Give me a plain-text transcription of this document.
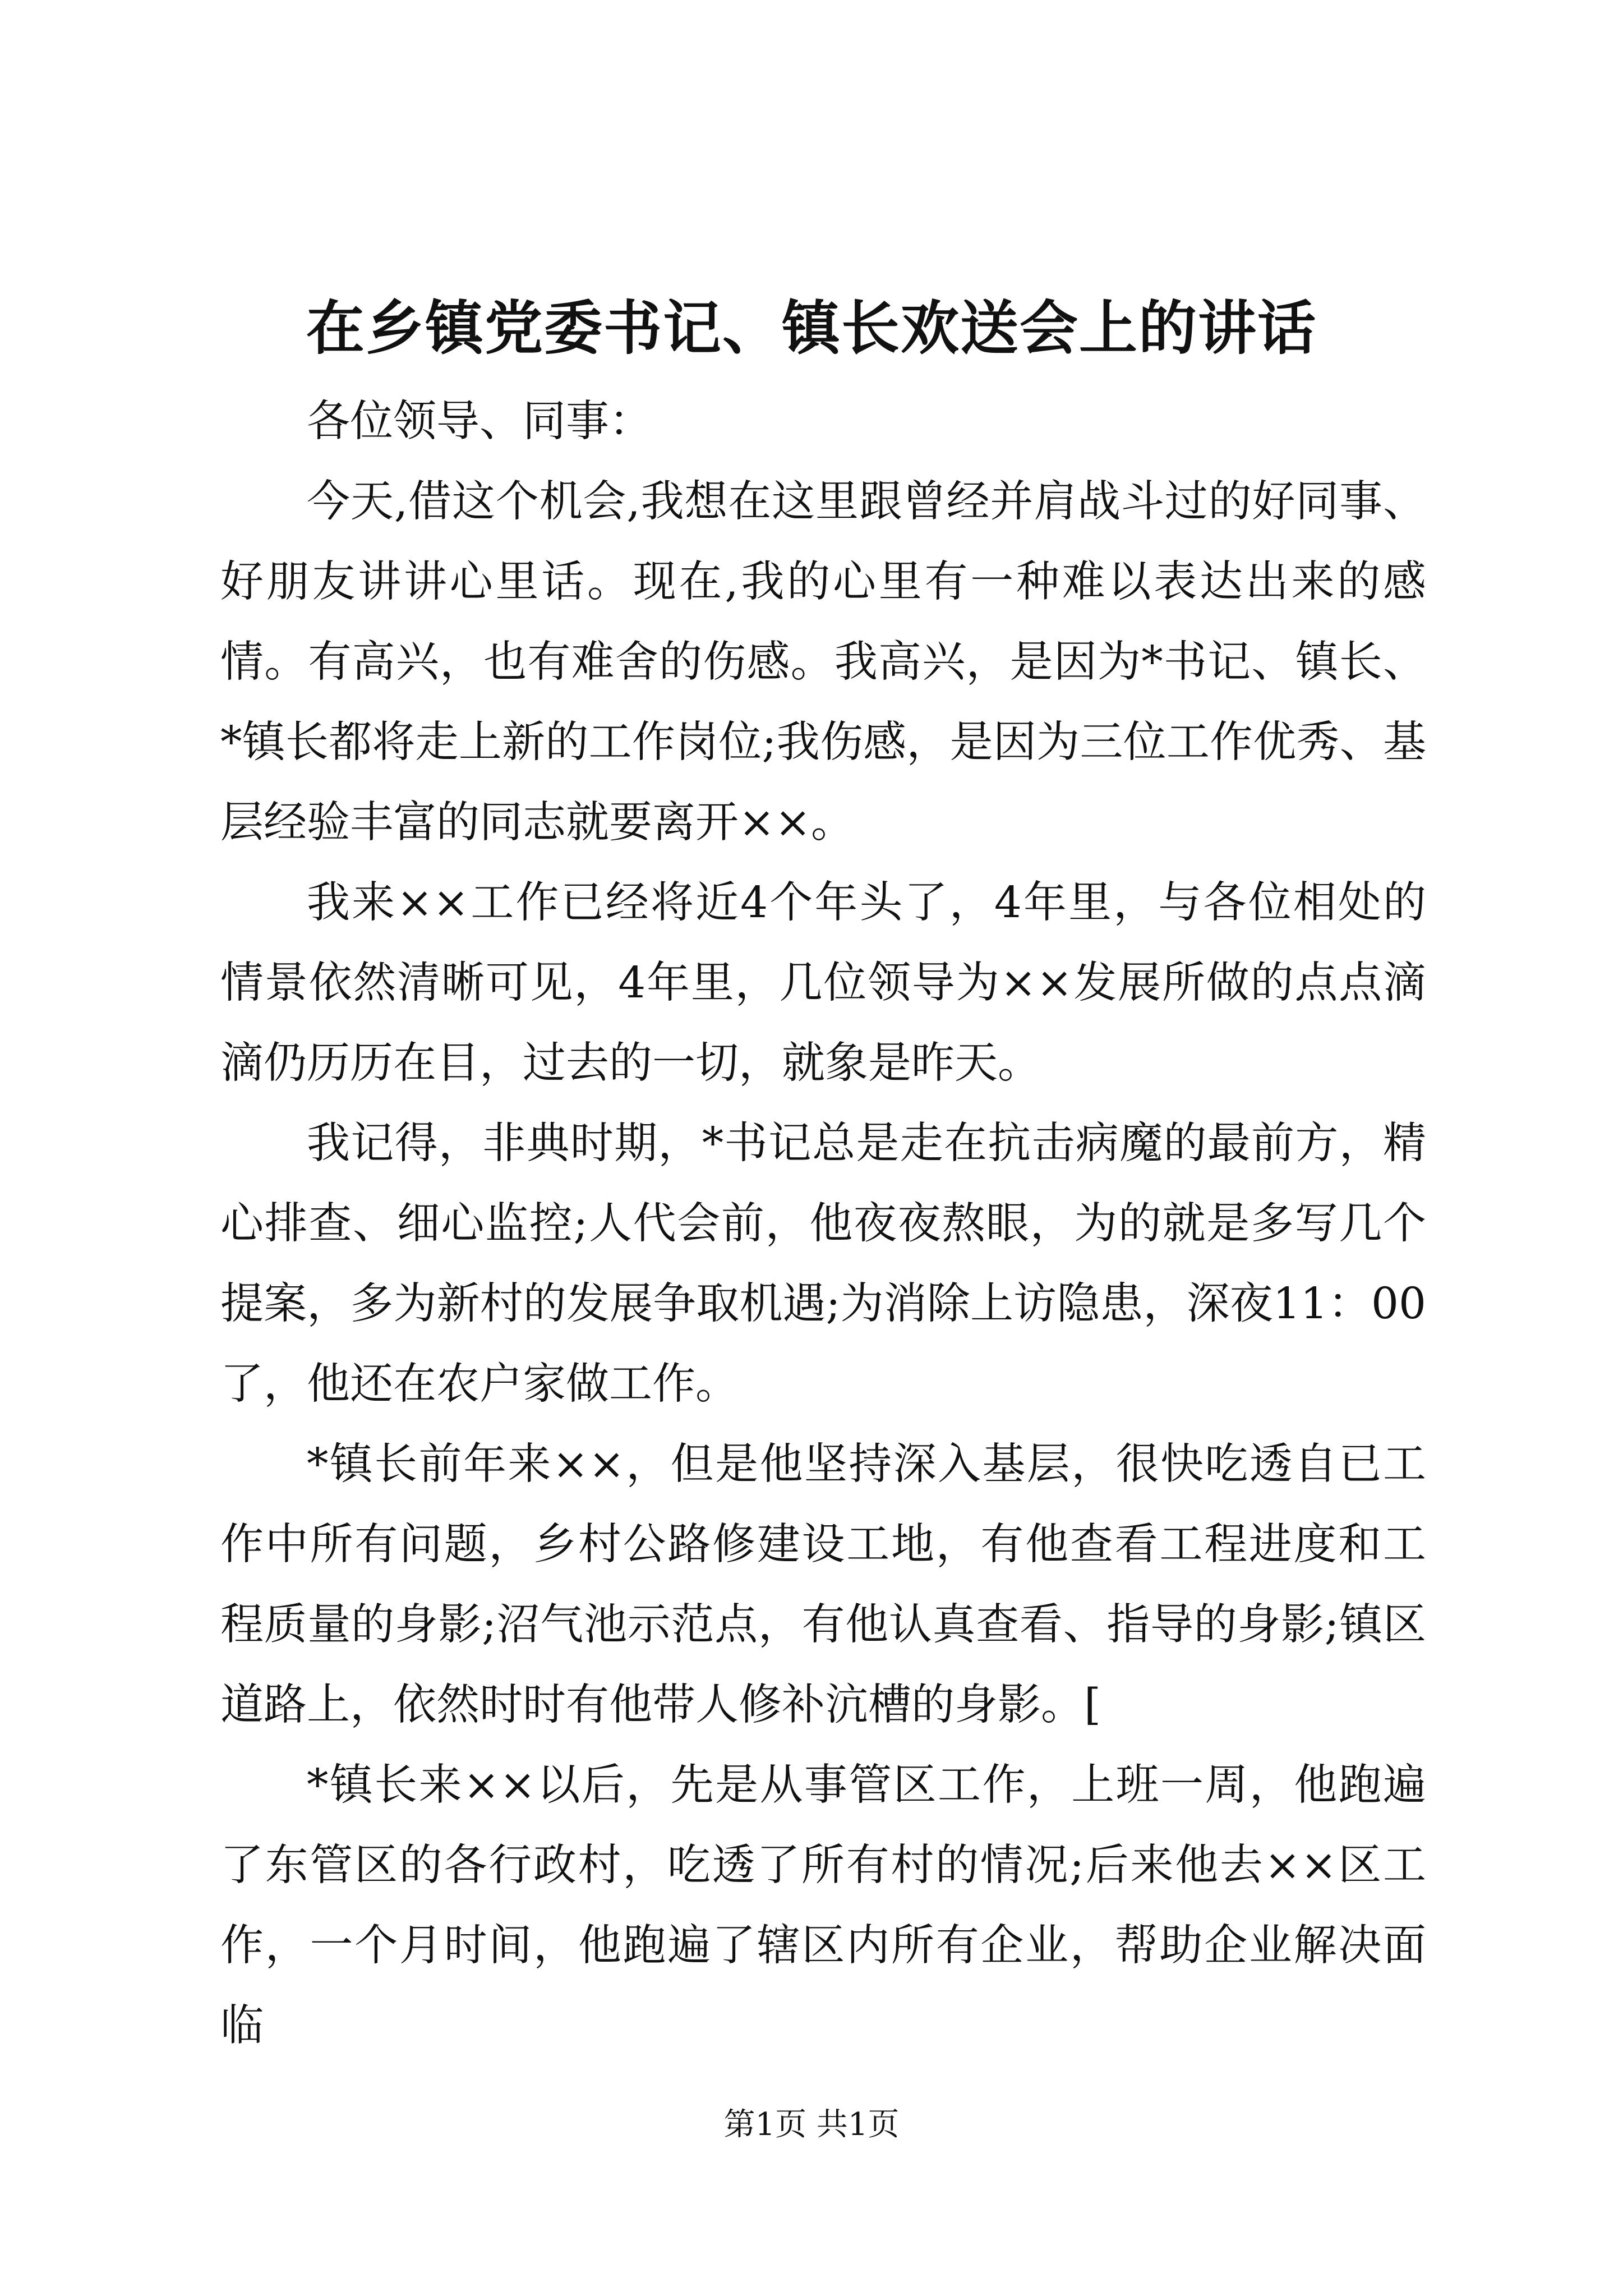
在乡镇党委书记、镇长欢送会上的讲话

各位领导、同事：

今天,借这个机会,我想在这里跟曾经并肩战斗过的好同事、好朋友讲讲心里话。现在,我的心里有一种难以表达出来的感情。有高兴，也有难舍的伤感。我高兴，是因为*书记、镇长、*镇长都将走上新的工作岗位;我伤感，是因为三位工作优秀、基层经验丰富的同志就要离开××。

我来××工作已经将近4个年头了，4年里，与各位相处的情景依然清晰可见，4年里，几位领导为××发展所做的点点滴滴仍历历在目，过去的一切，就象是昨天。

我记得，非典时期，*书记总是走在抗击病魔的最前方，精心排查、细心监控;人代会前，他夜夜熬眼，为的就是多写几个提案，多为新村的发展争取机遇;为消除上访隐患，深夜11：00了，他还在农户家做工作。

*镇长前年来××，但是他坚持深入基层，很快吃透自已工作中所有问题，乡村公路修建设工地，有他查看工程进度和工程质量的身影;沼气池示范点，有他认真查看、指导的身影;镇区道路上，依然时时有他带人修补沆槽的身影。[

*镇长来××以后，先是从事管区工作，上班一周，他跑遍了东管区的各行政村，吃透了所有村的情况;后来他去××区工作，一个月时间，他跑遍了辖区内所有企业，帮助企业解决面临

第1页 共1页
